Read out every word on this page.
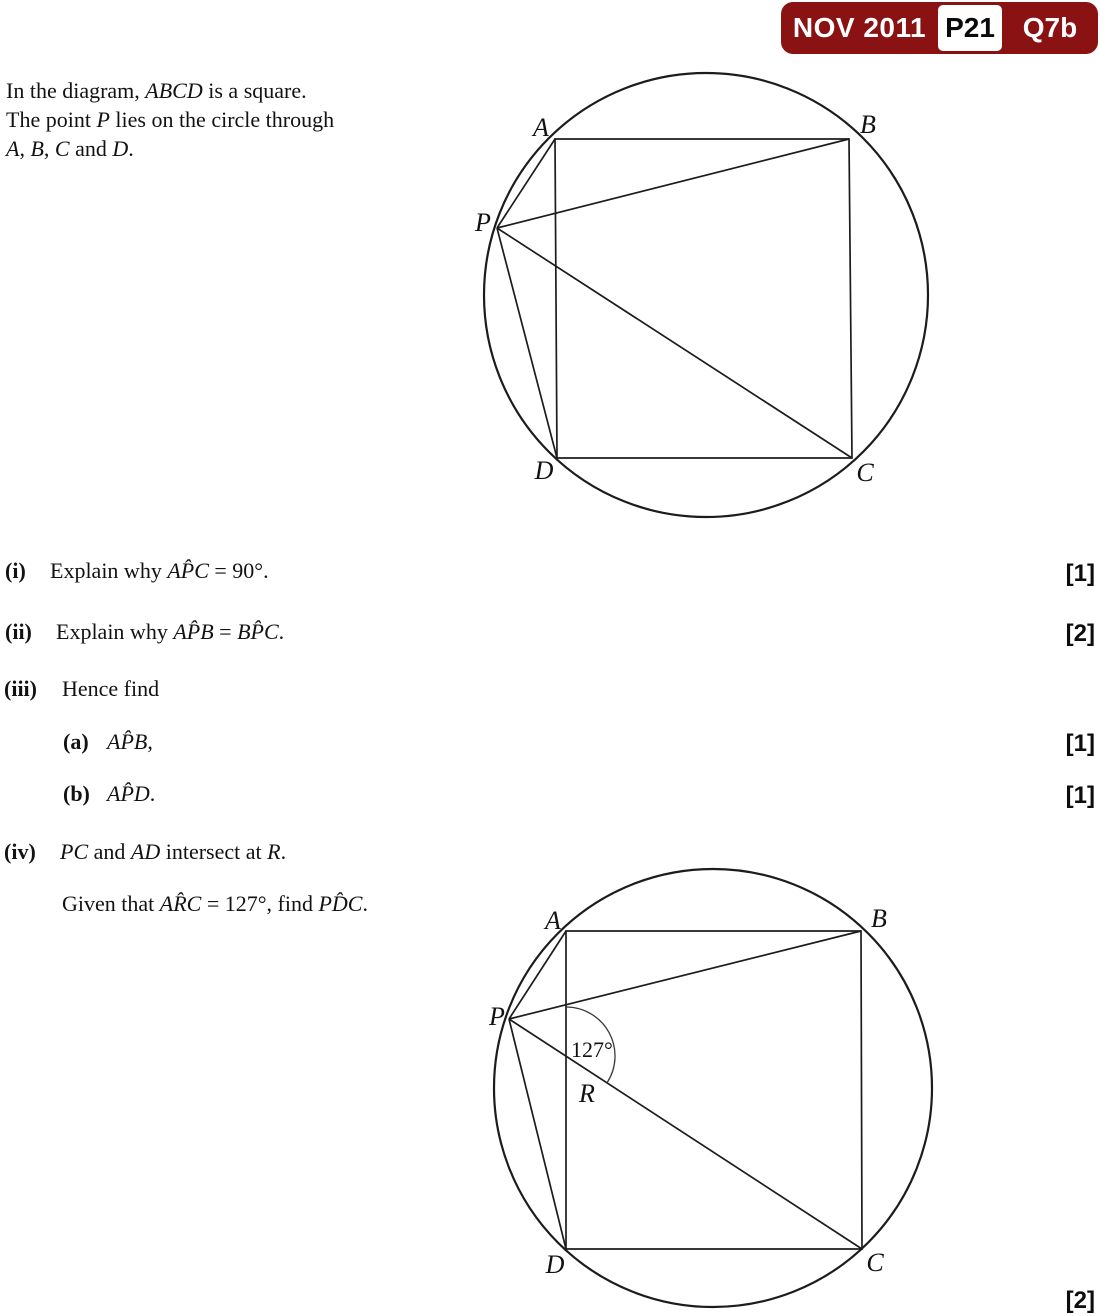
NOV 2011 P21 Q7b
In the diagram, ABCD is a square.
The point P lies on the circle through
A, B, C and D.
A	B
P
D	C
A	B
P
D	C
R
127°
(i)	Explain why AP̂C = 90°.	[1]
(ii)	Explain why AP̂B = BP̂C.	[2]
(iii)	Hence find
(a) AP̂B,	[1]
(b) AP̂D.	[1]
(iv)	PC and AD intersect at R.
Given that AR̂C = 127°, find PD̂C.
[2]
